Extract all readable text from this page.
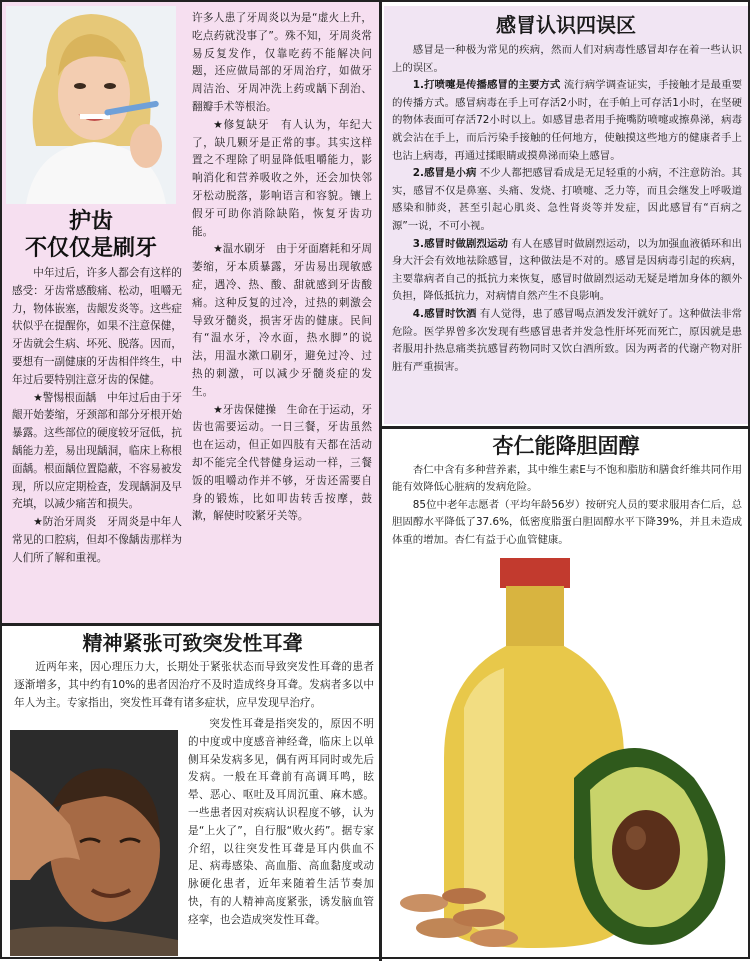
护齿
不仅仅是刷牙

中年过后，许多人都会有这样的感受：牙齿常感酸痛、松动，咀嚼无力，物体嵌塞，齿龈发炎等。这些症状似乎在提醒你，如果不注意保健，牙齿就会生病、坏死、脱落。因而，要想有一副健康的牙齿相伴终生，中年过后要特别注意牙齿的保健。

★警惕根面龋　中年过后由于牙龈开始萎缩，牙颈部和部分牙根开始暴露。这些部位的硬度较牙冠低，抗龋能力差，易出现龋洞，临床上称根面龋。根面龋位置隐蔽，不容易被发现，所以应定期检查，发现龋洞及早充填，以减少痛苦和损失。

★防治牙周炎　牙周炎是中年人常见的口腔病，但却不像龋齿那样为人们所了解和重视。

许多人患了牙周炎以为是“虚火上升，吃点药就没事了”。殊不知，牙周炎常易反复发作，仅靠吃药不能解决问题，还应做局部的牙周治疗，如做牙周洁治、牙周冲洗上药或龋下刮治、翻瓣手术等根治。

★修复缺牙　有人认为，年纪大了，缺几颗牙是正常的事。其实这样置之不理除了明显降低咀嚼能力，影响消化和营养吸收之外，还会加快邻牙松动脱落，影响语言和容貌。镶上假牙可助你消除缺陷，恢复牙齿功能。

★温水刷牙　由于牙面磨耗和牙周萎缩，牙本质暴露，牙齿易出现敏感症，遇冷、热、酸、甜就感到牙齿酸痛。这种反复的过冷，过热的刺激会导致牙髓炎，损害牙齿的健康。民间有“温水牙，冷水面，热水脚”的说法，用温水漱口刷牙，避免过冷、过热的刺激，可以减少牙髓炎症的发生。

★牙齿保健操　生命在于运动，牙齿也需要运动。一日三餐，牙齿虽然也在运动，但正如四肢有天都在活动却不能完全代替健身运动一样，三餐饭的咀嚼动作并不够，牙齿还需要自身的锻炼，比如叩齿转舌按摩，鼓漱，解使时咬紧牙关等。

精神紧张可致突发性耳聋

近两年来，因心理压力大，长期处于紧张状态而导致突发性耳聋的患者逐渐增多，其中约有10%的患者因治疗不及时造成终身耳聋。发病者多以中年人为主。专家指出，突发性耳聋有诸多症状，应早发现早治疗。

突发性耳聋是指突发的，原因不明的中度或中度感音神经聋，临床上以单侧耳朵发病多见，偶有两耳同时或先后发病。一般在耳聋前有高调耳鸣，眩晕、恶心、呕吐及耳周沉重、麻木感。一些患者因对疾病认识程度不够，认为是“上火了”，自行服“败火药”。据专家介绍，以往突发性耳聋是耳内供血不足、病毒感染、高血脂、高血黏度或动脉硬化患者，近年来随着生活节奏加快，有的人精神高度紧张，诱发脑血管痉挛，也会造成突发性耳聋。

感冒认识四误区

感冒是一种极为常见的疾病，然而人们对病毒性感冒却存在着一些认识上的误区。

1.打喷嚏是传播感冒的主要方式 流行病学调查证实，手接触才是最重要的传播方式。感冒病毒在手上可存活2小时，在手帕上可存活1小时，在坚硬的物体表面可存活72小时以上。如感冒患者用手掩嘴防喷嚏或擦鼻涕，病毒就会沾在手上，而后污染手接触的任何地方，使触摸这些地方的健康者手上也沾上病毒，再通过揉眼睛或摸鼻涕而染上感冒。

2.感冒是小病 不少人都把感冒看成是无足轻重的小病，不注意防治。其实，感冒不仅是鼻塞、头痛、发烧、打喷嚏、乏力等，而且会继发上呼吸道感染和肺炎，甚至引起心肌炎、急性肾炎等并发症，因此感冒有“百病之源”一说，不可小视。

3.感冒时做剧烈运动 有人在感冒时做剧烈运动，以为加强血液循环和出身大汗会有效地祛除感冒，这种做法是不对的。感冒是因病毒引起的疾病，主要靠病者自己的抵抗力来恢复，感冒时做剧烈运动无疑是增加身体的额外负担，降低抵抗力，对病情自然产生不良影响。

4.感冒时饮酒 有人觉得，患了感冒喝点酒发发汗就好了。这种做法非常危险。医学界曾多次发现有些感冒患者并发急性肝坏死而死亡，原因就是患者服用扑热息痛类抗感冒药物同时又饮白酒所致。因为两者的代谢产物对肝脏有严重损害。

杏仁能降胆固醇

杏仁中含有多种营养素，其中维生素E与不饱和脂肪和膳食纤维共同作用能有效降低心脏病的发病危险。

85位中老年志愿者（平均年龄56岁）按研究人员的要求服用杏仁后，总胆固醇水平降低了37.6%，低密度脂蛋白胆固醇水平下降39%，并且未造成体重的增加。杏仁有益于心血管健康。
